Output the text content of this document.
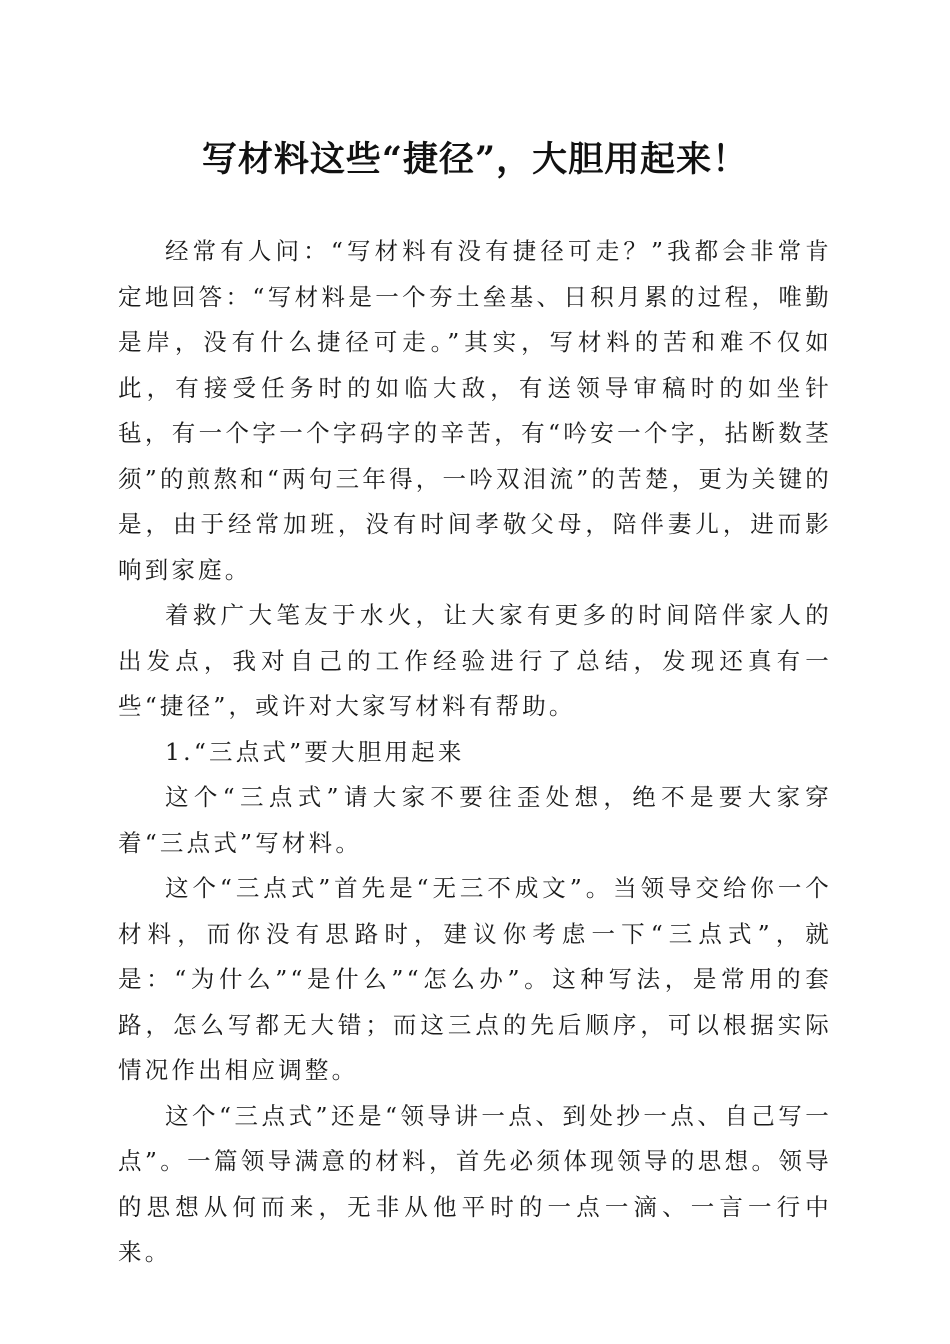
写材料这些“捷径”，大胆用起来！

经常有人问：“写材料有没有捷径可走？”我都会非常肯定地回答：“写材料是一个夯土垒基、日积月累的过程，唯勤是岸，没有什么捷径可走。”其实，写材料的苦和难不仅如此，有接受任务时的如临大敌，有送领导审稿时的如坐针毡，有一个字一个字码字的辛苦，有“吟安一个字，拈断数茎须”的煎熬和“两句三年得，一吟双泪流”的苦楚，更为关键的是，由于经常加班，没有时间孝敬父母，陪伴妻儿，进而影响到家庭。

着救广大笔友于水火，让大家有更多的时间陪伴家人的出发点，我对自己的工作经验进行了总结，发现还真有一些“捷径”，或许对大家写材料有帮助。

1.“三点式”要大胆用起来

这个“三点式”请大家不要往歪处想，绝不是要大家穿着“三点式”写材料。

这个“三点式”首先是“无三不成文”。当领导交给你一个材料，而你没有思路时，建议你考虑一下“三点式”，就是：“为什么”“是什么”“怎么办”。这种写法，是常用的套路，怎么写都无大错；而这三点的先后顺序，可以根据实际情况作出相应调整。

这个“三点式”还是“领导讲一点、到处抄一点、自己写一点”。一篇领导满意的材料，首先必须体现领导的思想。领导的思想从何而来，无非从他平时的一点一滴、一言一行中来。
